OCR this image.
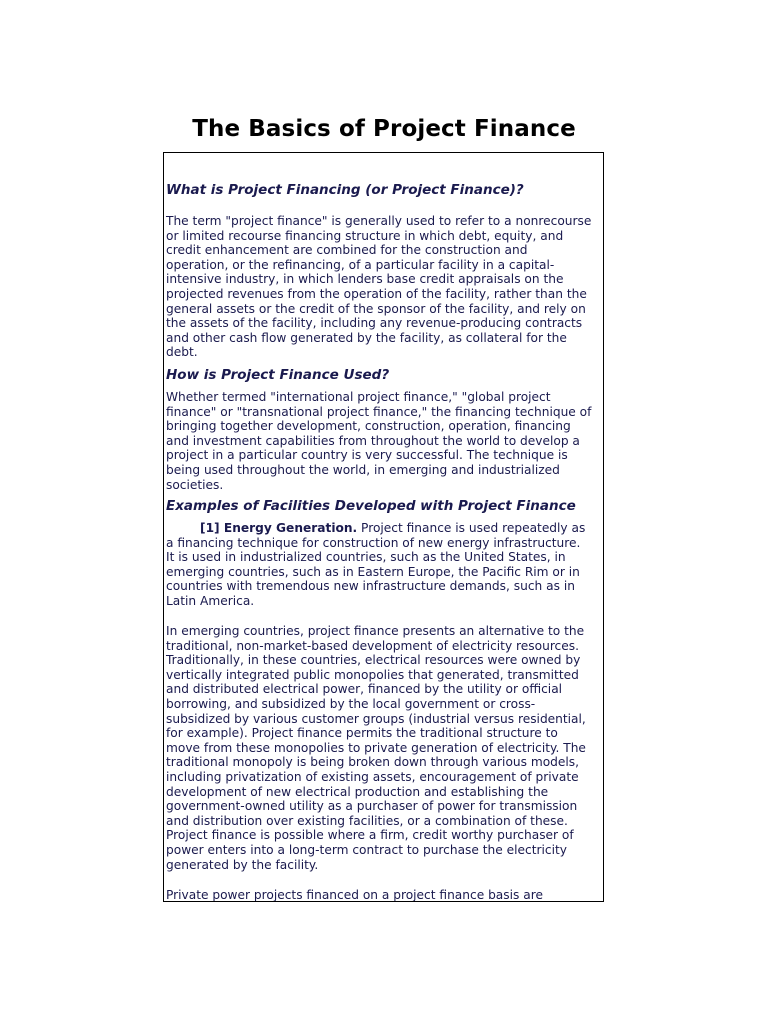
The Basics of Project Finance
What is Project Financing (or Project Finance)?
The term "project finance" is generally used to refer to a nonrecourse
or limited recourse financing structure in which debt, equity, and
credit enhancement are combined for the construction and
operation, or the refinancing, of a particular facility in a capital-
intensive industry, in which lenders base credit appraisals on the
projected revenues from the operation of the facility, rather than the
general assets or the credit of the sponsor of the facility, and rely on
the assets of the facility, including any revenue-producing contracts
and other cash flow generated by the facility, as collateral for the
debt.
How is Project Finance Used?
Whether termed "international project finance," "global project
finance" or "transnational project finance," the financing technique of
bringing together development, construction, operation, financing
and investment capabilities from throughout the world to develop a
project in a particular country is very successful. The technique is
being used throughout the world, in emerging and industrialized
societies.
Examples of Facilities Developed with Project Finance
[1] Energy Generation. Project finance is used repeatedly as
a financing technique for construction of new energy infrastructure.
It is used in industrialized countries, such as the United States, in
emerging countries, such as in Eastern Europe, the Pacific Rim or in
countries with tremendous new infrastructure demands, such as in
Latin America.
In emerging countries, project finance presents an alternative to the
traditional, non-market-based development of electricity resources.
Traditionally, in these countries, electrical resources were owned by
vertically integrated public monopolies that generated, transmitted
and distributed electrical power, financed by the utility or official
borrowing, and subsidized by the local government or cross-
subsidized by various customer groups (industrial versus residential,
for example). Project finance permits the traditional structure to
move from these monopolies to private generation of electricity. The
traditional monopoly is being broken down through various models,
including privatization of existing assets, encouragement of private
development of new electrical production and establishing the
government-owned utility as a purchaser of power for transmission
and distribution over existing facilities, or a combination of these.
Project finance is possible where a firm, credit worthy purchaser of
power enters into a long-term contract to purchase the electricity
generated by the facility.
Private power projects financed on a project finance basis are
